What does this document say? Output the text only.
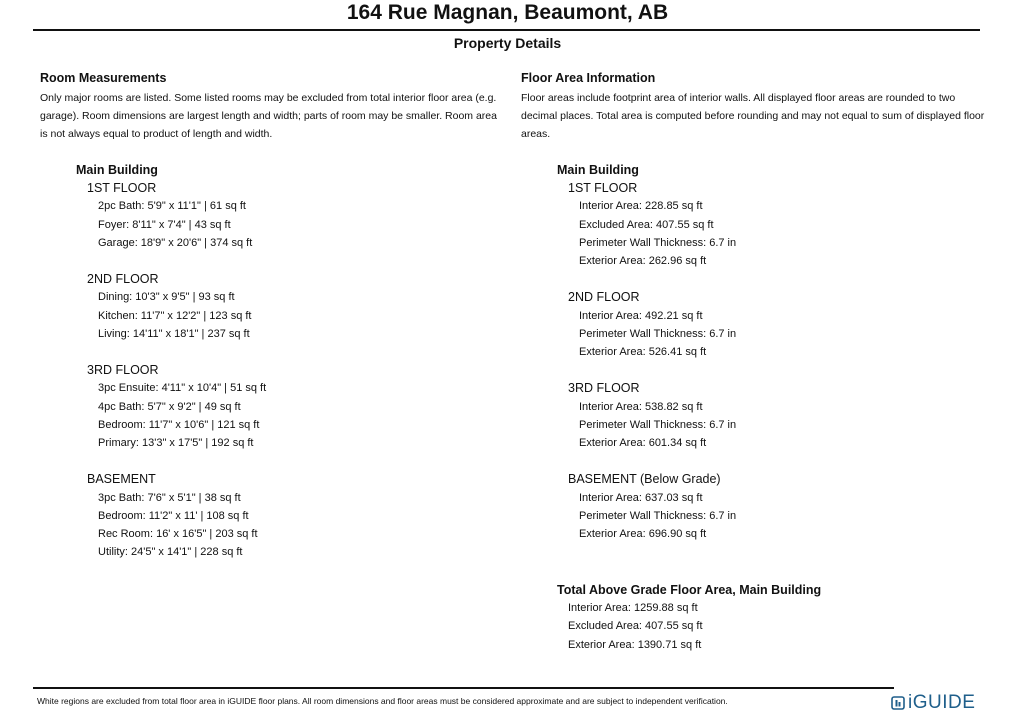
164 Rue Magnan, Beaumont, AB
Property Details
Room Measurements

Only major rooms are listed. Some listed rooms may be excluded from total interior floor area (e.g. garage). Room dimensions are largest length and width; parts of room may be smaller. Room area is not always equal to product of length and width.

Main Building
1ST FLOOR
2pc Bath: 5'9" x 11'1" | 61 sq ft
Foyer: 8'11" x 7'4" | 43 sq ft
Garage: 18'9" x 20'6" | 374 sq ft
2ND FLOOR
Dining: 10'3" x 9'5" | 93 sq ft
Kitchen: 11'7" x 12'2" | 123 sq ft
Living: 14'11" x 18'1" | 237 sq ft
3RD FLOOR
3pc Ensuite: 4'11" x 10'4" | 51 sq ft
4pc Bath: 5'7" x 9'2" | 49 sq ft
Bedroom: 11'7" x 10'6" | 121 sq ft
Primary: 13'3" x 17'5" | 192 sq ft
BASEMENT
3pc Bath: 7'6" x 5'1" | 38 sq ft
Bedroom: 11'2" x 11' | 108 sq ft
Rec Room: 16' x 16'5" | 203 sq ft
Utility: 24'5" x 14'1" | 228 sq ft
Floor Area Information

Floor areas include footprint area of interior walls. All displayed floor areas are rounded to two decimal places. Total area is computed before rounding and may not equal to sum of displayed floor areas.

Main Building
1ST FLOOR
Interior Area: 228.85 sq ft
Excluded Area: 407.55 sq ft
Perimeter Wall Thickness: 6.7 in
Exterior Area: 262.96 sq ft
2ND FLOOR
Interior Area: 492.21 sq ft
Perimeter Wall Thickness: 6.7 in
Exterior Area: 526.41 sq ft
3RD FLOOR
Interior Area: 538.82 sq ft
Perimeter Wall Thickness: 6.7 in
Exterior Area: 601.34 sq ft
BASEMENT (Below Grade)
Interior Area: 637.03 sq ft
Perimeter Wall Thickness: 6.7 in
Exterior Area: 696.90 sq ft
Total Above Grade Floor Area, Main Building
Interior Area: 1259.88 sq ft
Excluded Area: 407.55 sq ft
Exterior Area: 1390.71 sq ft
White regions are excluded from total floor area in iGUIDE floor plans. All room dimensions and floor areas must be considered approximate and are subject to independent verification.	iGUIDE
